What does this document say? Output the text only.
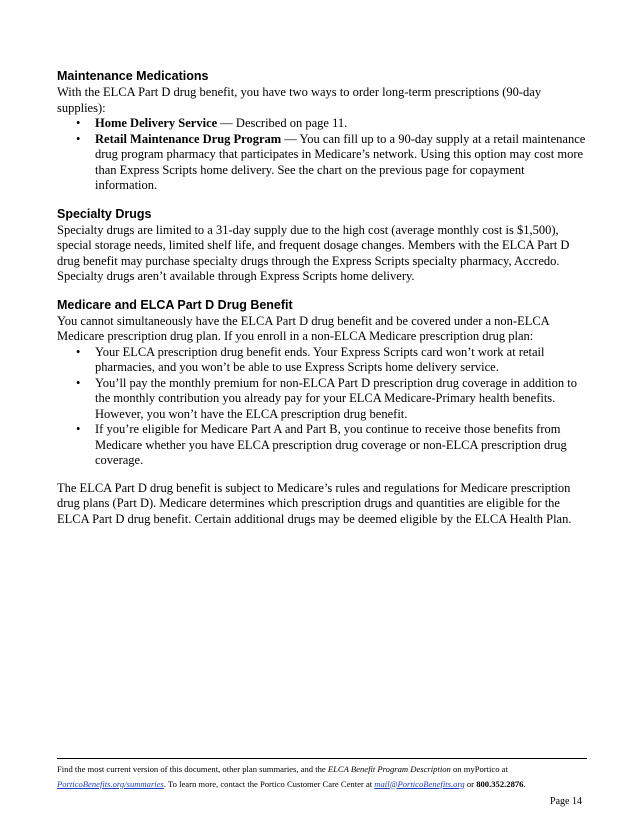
Maintenance Medications

With the ELCA Part D drug benefit, you have two ways to order long-term prescriptions (90-day supplies):

• Home Delivery Service — Described on page 11.
• Retail Maintenance Drug Program — You can fill up to a 90-day supply at a retail maintenance drug program pharmacy that participates in Medicare’s network. Using this option may cost more than Express Scripts home delivery. See the chart on the previous page for copayment information.
Specialty Drugs

Specialty drugs are limited to a 31-day supply due to the high cost (average monthly cost is $1,500), special storage needs, limited shelf life, and frequent dosage changes. Members with the ELCA Part D drug benefit may purchase specialty drugs through the Express Scripts specialty pharmacy, Accredo. Specialty drugs aren’t available through Express Scripts home delivery.

Medicare and ELCA Part D Drug Benefit

You cannot simultaneously have the ELCA Part D drug benefit and be covered under a non-ELCA Medicare prescription drug plan. If you enroll in a non-ELCA Medicare prescription drug plan:

• Your ELCA prescription drug benefit ends. Your Express Scripts card won’t work at retail pharmacies, and you won’t be able to use Express Scripts home delivery service.
• You’ll pay the monthly premium for non-ELCA Part D prescription drug coverage in addition to the monthly contribution you already pay for your ELCA Medicare-Primary health benefits. However, you won’t have the ELCA prescription drug benefit.
• If you’re eligible for Medicare Part A and Part B, you continue to receive those benefits from Medicare whether you have ELCA prescription drug coverage or non-ELCA prescription drug coverage.

The ELCA Part D drug benefit is subject to Medicare’s rules and regulations for Medicare prescription drug plans (Part D). Medicare determines which prescription drugs and quantities are eligible for the ELCA Part D drug benefit. Certain additional drugs may be deemed eligible by the ELCA Health Plan.

Find the most current version of this document, other plan summaries, and the ELCA Benefit Program Description on myPortico at
PorticoBenefits.org/summaries. To learn more, contact the Portico Customer Care Center at mail@PorticoBenefits.org or 800.352.2876.
Page 14
